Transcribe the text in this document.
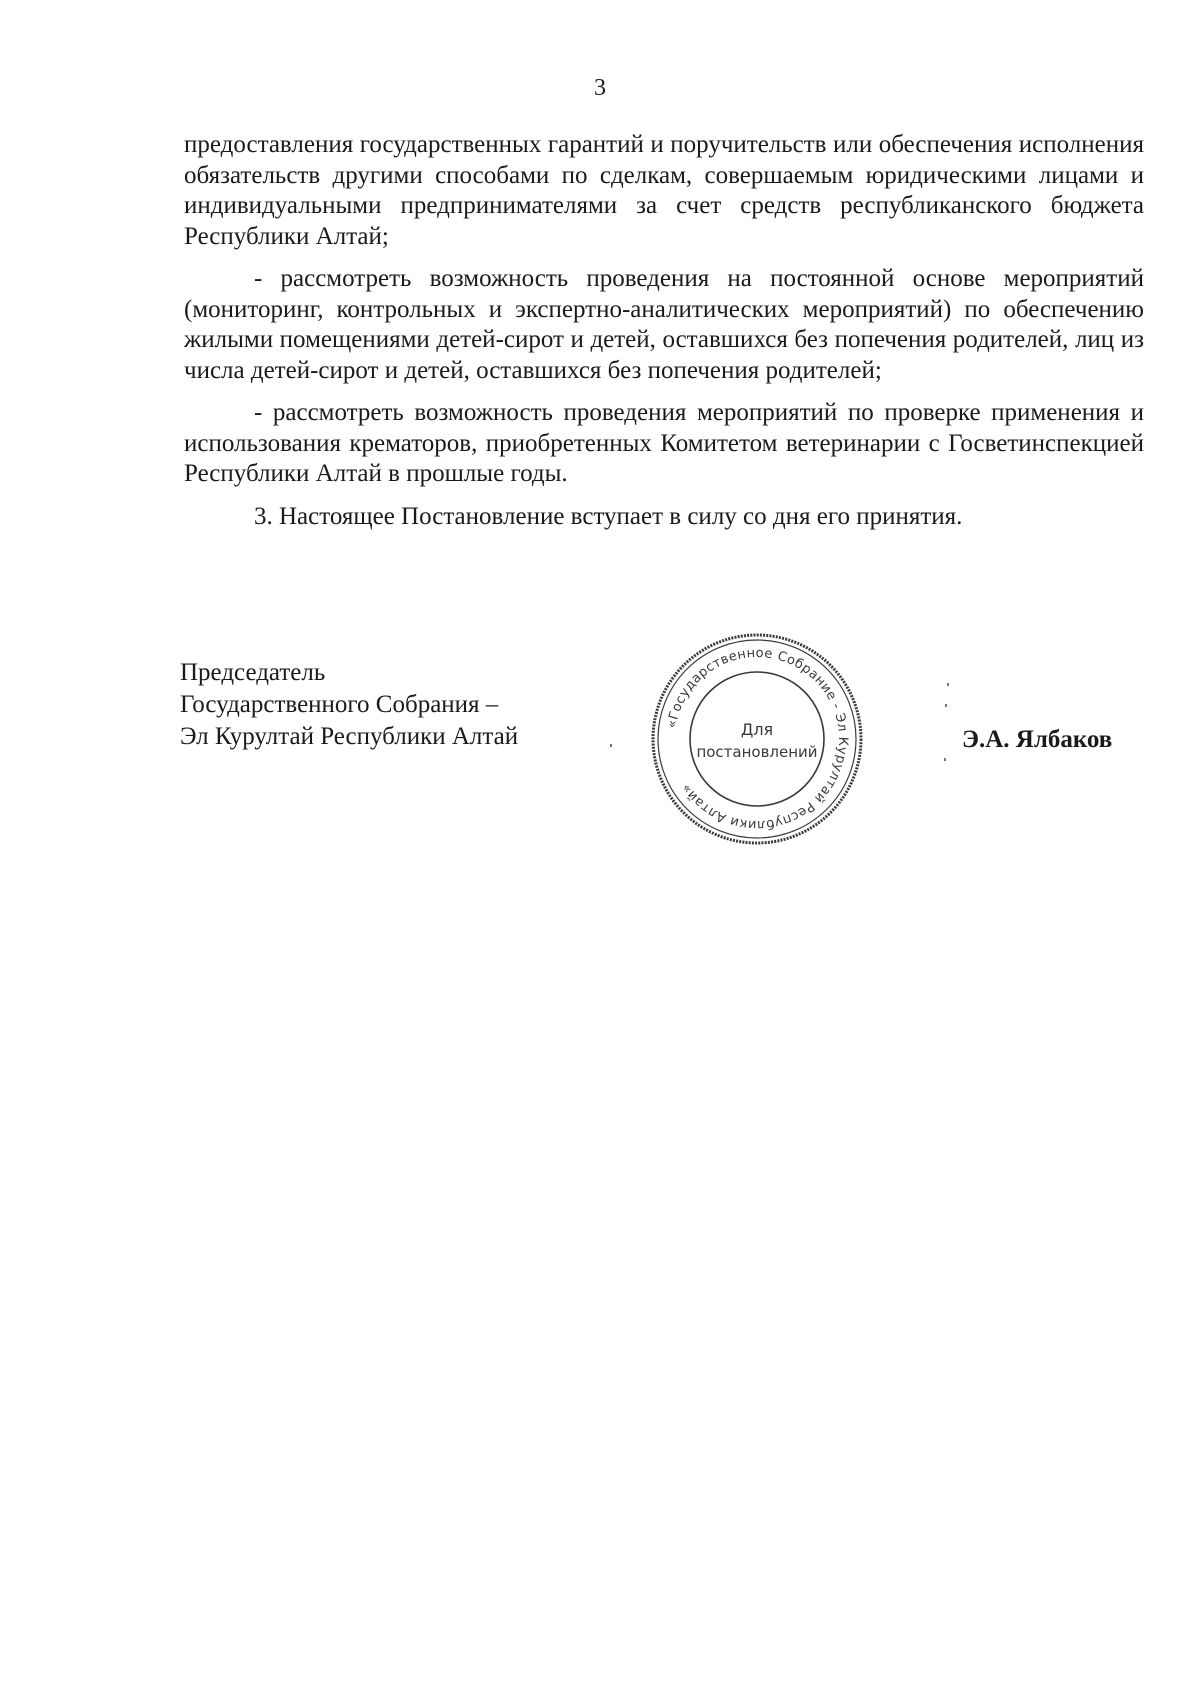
3

предоставления государственных гарантий и поручительств или обеспечения исполнения обязательств другими способами по сделкам, совершаемым юридическими лицами и индивидуальными предпринимателями за счет средств республиканского бюджета Республики Алтай;

- рассмотреть возможность проведения на постоянной основе мероприятий (мониторинг, контрольных и экспертно-аналитических мероприятий) по обеспечению жилыми помещениями детей-сирот и детей, оставшихся без попечения родителей, лиц из числа детей-сирот и детей, оставшихся без попечения родителей;

- рассмотреть возможность проведения мероприятий по проверке применения и использования крематоров, приобретенных Комитетом ветеринарии с Госветинспекцией Республики Алтай в прошлые годы.

3. Настоящее Постановление вступает в силу со дня его принятия.

Председатель
Государственного Собрания –
Эл Курултай Республики Алтай	Э.А. Ялбаков
«Государственное Собрание - Эл Курултай Республики Алтай»
Для
постановлений
